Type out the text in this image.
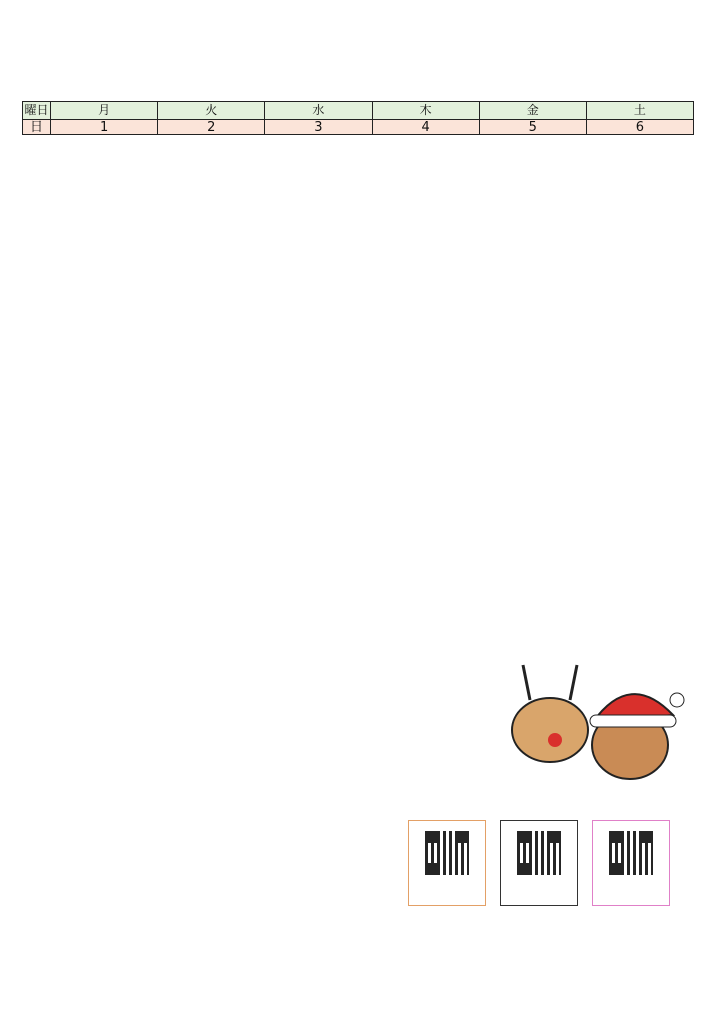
曜日	月	火	水	木	金	土
日	1	2	3	4	5	6
